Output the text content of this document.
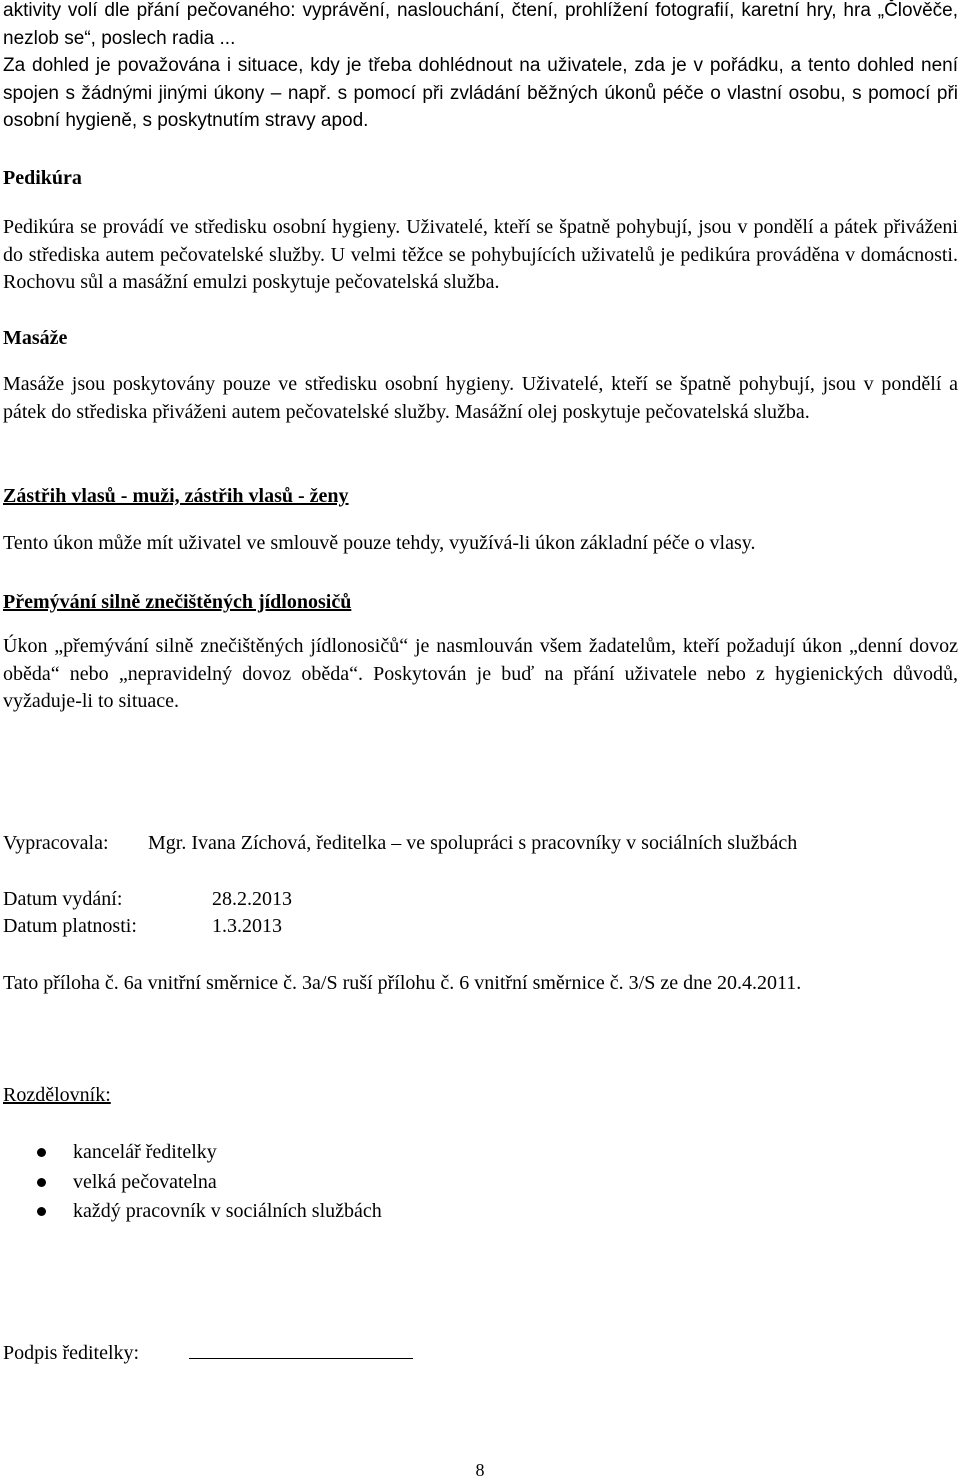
aktivity volí dle přání pečovaného: vyprávění, naslouchání, čtení, prohlížení fotografií, karetní hry, hra „Člověče, nezlob se“, poslech radia ...

Za dohled je považována i situace, kdy je třeba dohlédnout na uživatele, zda je v pořádku, a tento dohled není spojen s žádnými jinými úkony – např. s pomocí při zvládání běžných úkonů péče o vlastní osobu, s pomocí při osobní hygieně, s poskytnutím stravy apod.

Pedikúra

Pedikúra se provádí ve středisku osobní hygieny. Uživatelé, kteří se špatně pohybují, jsou v pondělí a pátek přiváženi do střediska autem pečovatelské služby. U velmi těžce se pohybujících uživatelů je pedikúra prováděna v domácnosti. Rochovu sůl a masážní emulzi poskytuje pečovatelská služba.

Masáže

Masáže jsou poskytovány pouze ve středisku osobní hygieny. Uživatelé, kteří se špatně pohybují, jsou v pondělí a pátek do střediska přiváženi autem pečovatelské služby. Masážní olej poskytuje pečovatelská služba.

Zástřih vlasů - muži, zástřih vlasů - ženy

Tento úkon může mít uživatel ve smlouvě pouze tehdy, využívá-li úkon základní péče o vlasy.

Přemývání silně znečištěných jídlonosičů

Úkon „přemývání silně znečištěných jídlonosičů“ je nasmlouván všem žadatelům, kteří požadují úkon „denní dovoz oběda“ nebo „nepravidelný dovoz oběda“. Poskytován je buď na přání uživatele nebo z hygienických důvodů, vyžaduje-li to situace.

Vypracovala: Mgr. Ivana Zíchová, ředitelka – ve spolupráci s pracovníky v sociálních službách
Datum vydání:	28.2.2013
Datum platnosti:	1.3.2013
Tato příloha č. 6a vnitřní směrnice č. 3a/S ruší přílohu č. 6 vnitřní směrnice č. 3/S ze dne 20.4.2011.
Rozdělovník:
kancelář ředitelky
velká pečovatelna
každý pracovník v sociálních službách
Podpis ředitelky:
8
